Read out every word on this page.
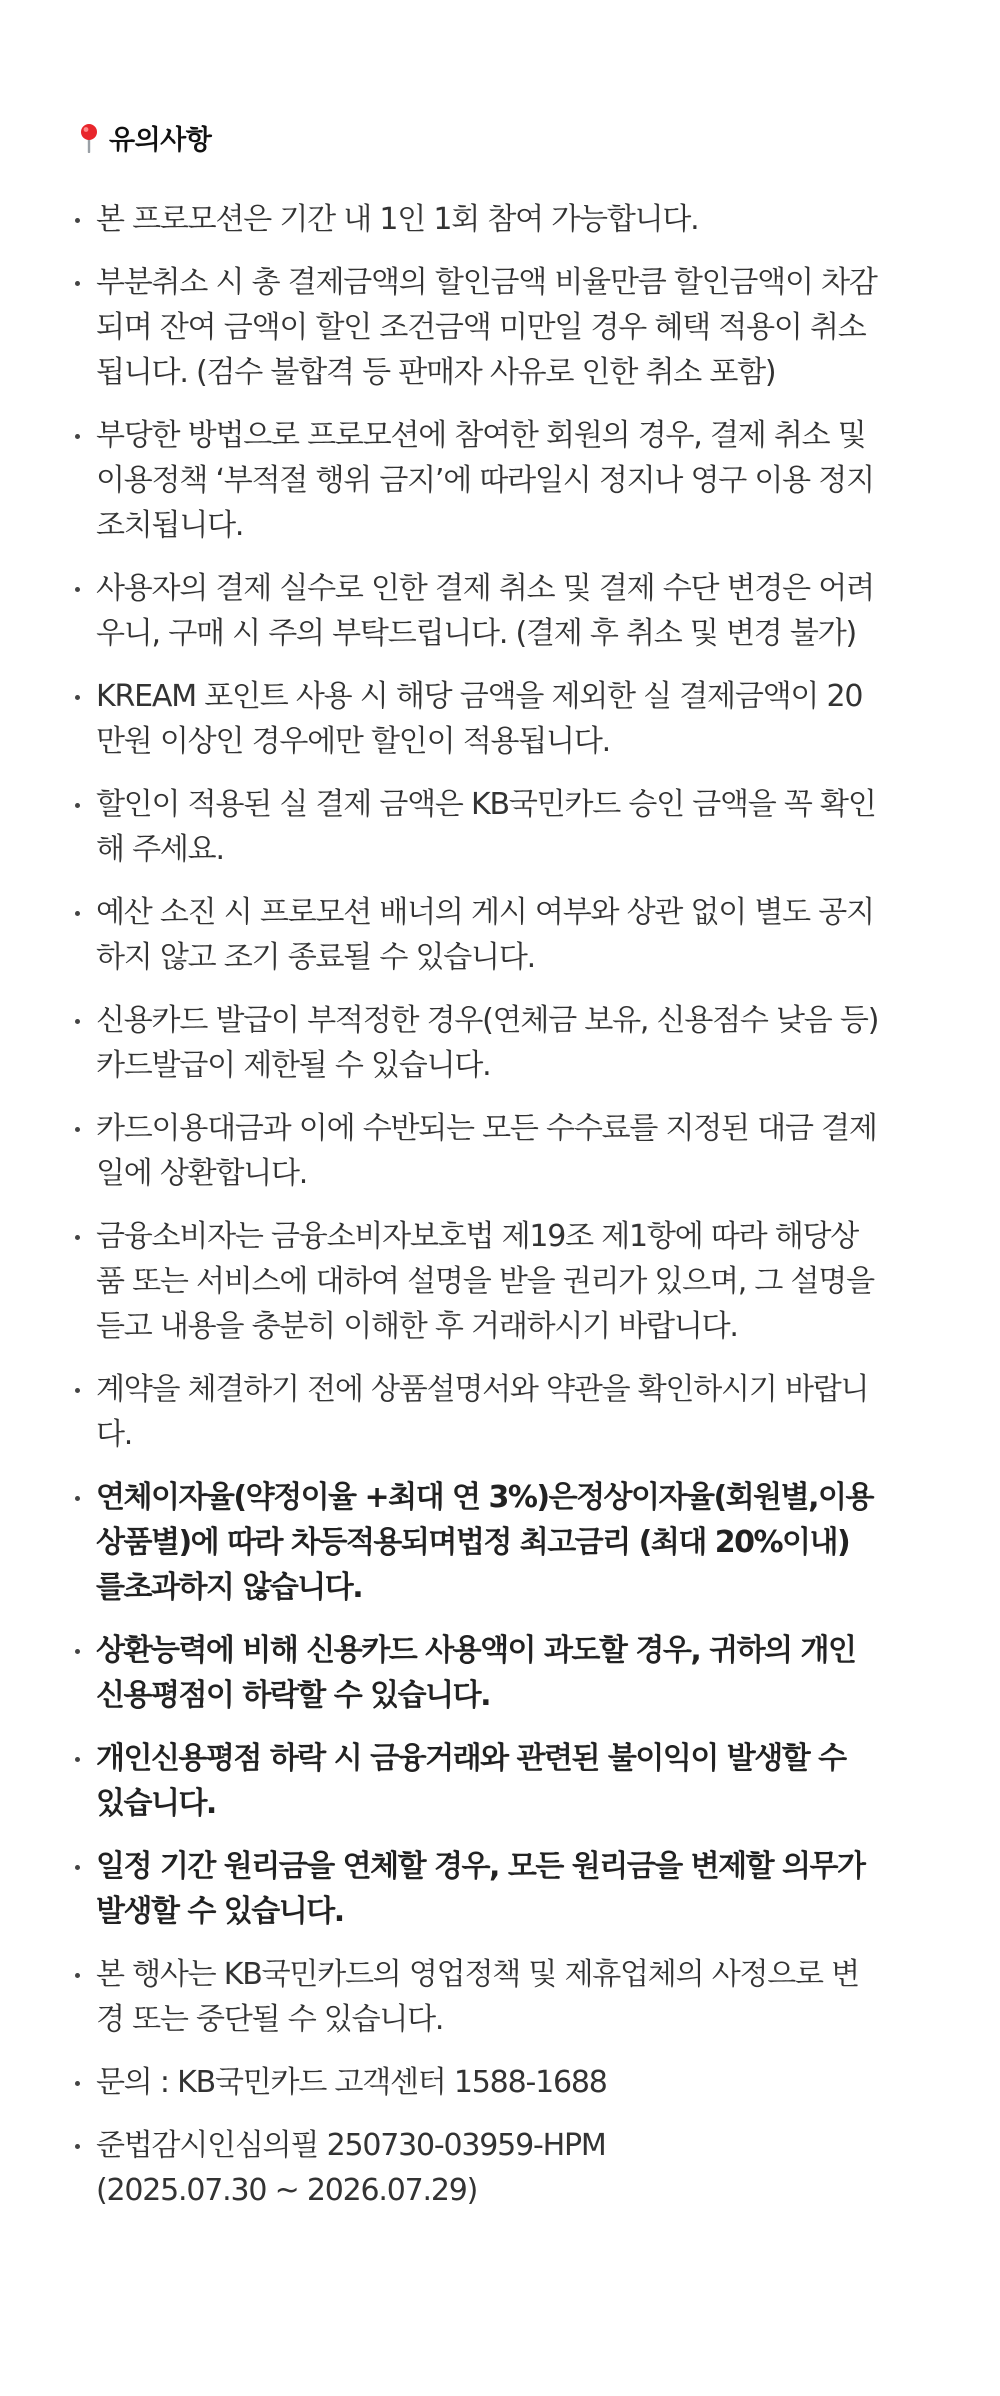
유의사항
본 프로모션은 기간 내 1인 1회 참여 가능합니다.
부분취소 시 총 결제금액의 할인금액 비율만큼 할인금액이 차감
되며 잔여 금액이 할인 조건금액 미만일 경우 혜택 적용이 취소
됩니다. (검수 불합격 등 판매자 사유로 인한 취소 포함)
부당한 방법으로 프로모션에 참여한 회원의 경우, 결제 취소 및
이용정책 ‘부적절 행위 금지’에 따라일시 정지나 영구 이용 정지
조치됩니다.
사용자의 결제 실수로 인한 결제 취소 및 결제 수단 변경은 어려
우니, 구매 시 주의 부탁드립니다. (결제 후 취소 및 변경 불가)
KREAM 포인트 사용 시 해당 금액을 제외한 실 결제금액이 20
만원 이상인 경우에만 할인이 적용됩니다.
할인이 적용된 실 결제 금액은 KB국민카드 승인 금액을 꼭 확인
해 주세요.
예산 소진 시 프로모션 배너의 게시 여부와 상관 없이 별도 공지
하지 않고 조기 종료될 수 있습니다.
신용카드 발급이 부적정한 경우(연체금 보유, 신용점수 낮음 등)
카드발급이 제한될 수 있습니다.
카드이용대금과 이에 수반되는 모든 수수료를 지정된 대금 결제
일에 상환합니다.
금융소비자는 금융소비자보호법 제19조 제1항에 따라 해당상
품 또는 서비스에 대하여 설명을 받을 권리가 있으며, 그 설명을
듣고 내용을 충분히 이해한 후 거래하시기 바랍니다.
계약을 체결하기 전에 상품설명서와 약관을 확인하시기 바랍니
다.
연체이자율(약정이율 +최대 연 3%)은정상이자율(회원별,이용
상품별)에 따라 차등적용되며법정 최고금리 (최대 20%이내)
를초과하지 않습니다.
상환능력에 비해 신용카드 사용액이 과도할 경우, 귀하의 개인
신용평점이 하락할 수 있습니다.
개인신용평점 하락 시 금융거래와 관련된 불이익이 발생할 수
있습니다.
일정 기간 원리금을 연체할 경우, 모든 원리금을 변제할 의무가
발생할 수 있습니다.
본 행사는 KB국민카드의 영업정책 및 제휴업체의 사정으로 변
경 또는 중단될 수 있습니다.
문의 : KB국민카드 고객센터 1588-1688
준법감시인심의필 250730-03959-HPM
(2025.07.30 ~ 2026.07.29)
